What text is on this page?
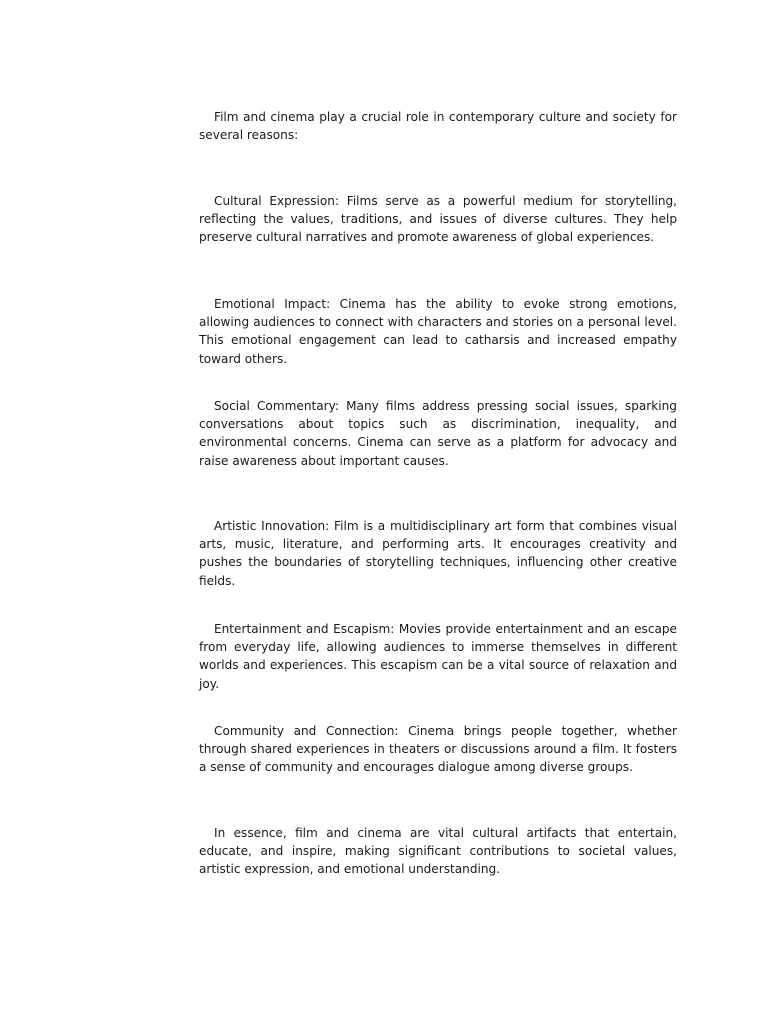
Film and cinema play a crucial role in contemporary culture and society for several reasons:

Cultural Expression: Films serve as a powerful medium for storytelling, reflecting the values, traditions, and issues of diverse cultures. They help preserve cultural narratives and promote awareness of global experiences.

Emotional Impact: Cinema has the ability to evoke strong emotions, allowing audiences to connect with characters and stories on a personal level. This emotional engagement can lead to catharsis and increased empathy toward others.

Social Commentary: Many films address pressing social issues, sparking conversations about topics such as discrimination, inequality, and environmental concerns. Cinema can serve as a platform for advocacy and raise awareness about important causes.

Artistic Innovation: Film is a multidisciplinary art form that combines visual arts, music, literature, and performing arts. It encourages creativity and pushes the boundaries of storytelling techniques, influencing other creative fields.

Entertainment and Escapism: Movies provide entertainment and an escape from everyday life, allowing audiences to immerse themselves in different worlds and experiences. This escapism can be a vital source of relaxation and joy.

Community and Connection: Cinema brings people together, whether through shared experiences in theaters or discussions around a film. It fosters a sense of community and encourages dialogue among diverse groups.

In essence, film and cinema are vital cultural artifacts that entertain, educate, and inspire, making significant contributions to societal values, artistic expression, and emotional understanding.
